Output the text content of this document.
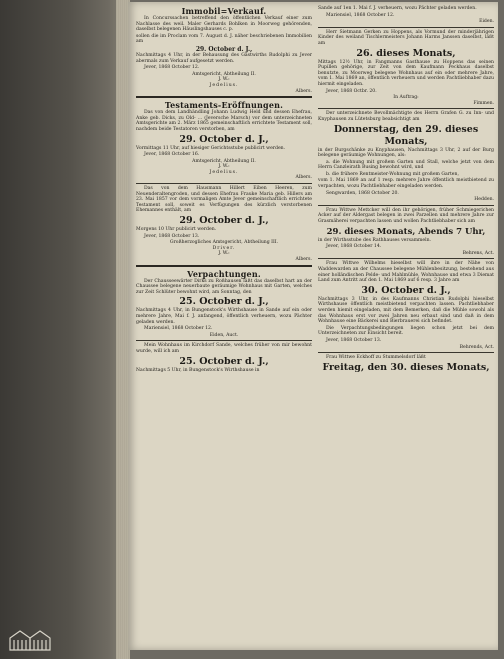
Immobil=Verkauf.

In Concurssachen betreffend den öffentlichen Verkauf einer zum Nachlasse des weil. Maler Gerhards Bohlken in Moorweg gehörenden, daselbst belegenen Häuslingshauses c. p.

sollen die im Proclam vom 7. August d. J. näher beschriebenen Immobilien am

29. October d. J.,

Nachmittags 4 Uhr, in der Behausung des Gastwirths Rudolphi zu Jever abermals zum Verkauf aufgesetzt werden.

Jever, 1868 October 12.

Amtsgericht, Abtheilung II.
J. W.:
Jedelius.
Albers.
Testaments-Eröffnungen.

Das von dem Landhändling Johann Ludwig Held und dessen Ehefrau, Anke geb. Dicks, zu Old- ... (Jeversche Marsch) vor dem unterzeichneten Amtsgerichte am 2. März 1865 gemeinschaftlich errichtete Testament soll, nachdem beide Testatoren verstorben, am

29. October d. J.,

Vormittags 11 Uhr, auf hiesiger Gerichtsstube publicirt werden.

Jever, 1868 October 16.

Amtsgericht, Abtheilung II.
J. W.:
Jedelius.
Albers.

Das von dem Hausmann Hillert Eiben Heeren, zum Neuenderaltengroden, und dessen Ehefrau Frauke Maria geb. Hillers am 23. Mai 1857 vor dem vormaligen Amte Jever gemeinschaftlich errichtete Testament soll, soweit es Verfügungen des kürzlich verstorbenen Ehemannes enthält, am

29. October d. J.,

Morgens 10 Uhr publicirt werden.

Jever, 1868 October 13.

Großherzogliches Amtsgericht, Abtheilung III.
Driver.
J. W.:
Albers.
Verpachtungen.

Der Chausseewärter Dirks zu Roßhausen läßt das daselbst hart an der Chaussee belegene neuerbaute geräumige Wohnhaus mit Garten, welches zur Zeit Schlüter bewohnt wird, am Sonntag, den

25. October d. J.,

Nachmittags 4 Uhr, in Bungenstock's Wirthshause in Sande auf ein oder mehrere Jahre, Mai f. J. anfangend, öffentlich verheuern, wozu Pächter geladen werden.

Mariensiel, 1868 October 12.

Eiden, Auct.

Mein Wohnhaus im Kirchdorf Sande, welches früher von mir bewohnt wurde, will ich am

25. October d. J.,

Nachmittags 5 Uhr, in Bungenstock's Wirthshause in

Sande auf 1en 1. Mai f. J. verheuern, wozu Pächter geladen werden.

Mariensiel, 1868 October 12.

Eiden.

Herr Sietmann Gerken zu Hoppens, als Vormund der minderjährigen Kinder des weiland Tischlermeisters Johann Harms Janssen daselbst, läßt am

26. dieses Monats,

Mittags 12½ Uhr, in Fangmanns Gasthause zu Hoppens das seinen Pupillen gehörige, zur Zeit von dem Kaufmann Peckhaus daselbst benutzte, zu Moorweg belegene Wohnhaus auf ein oder mehrere Jahre, vom 1. Mai 1869 an, öffentlich verheuern und werden Pachtliebhaber dazu hiermit eingeladen.

Jever, 1868 Octbr. 20.

In Auftrag:
Fimmen.

Der unterzeichnete Bevollmächtigte des Herrn Grafen G. zu Inn- und Knyphausen zu Lütetsburg beabsichtigt am

Donnerstag, den 29. dieses Monats,

in der Burgschänke zu Knyphausen, Nachmittags 3 Uhr, 2 auf der Burg belegene geräumige Wohnungen, als:

a. die Wohnung mit großem Garten und Stall, welche jetzt von dem Herrn Canzleirath Busing bewohnt wird, und

b. die frühere Rentmeister-Wohnung mit großem Garten,

vom 1. Mai 1869 an auf 1 resp. mehrere Jahre öffentlich meistbietend zu verpachten, wozu Pachtliebhaber eingeladen werden.

Sengwarden, 1868 October 20.

Hedden.

Frau Wittwe Mettcker will den ihr gehörigen, früher Schmiegerichen Acker auf der Aldergast belegen in zwei Parzellen und mehrere Jahre zur Grasmäherei verpachten lassen und wollen Pachtliebhaber sich am

29. dieses Monats, Abends 7 Uhr,

in der Wirthsstube des Rathhauses versammeln.

Jever, 1868 October 14.

Behrens, Act.

Frau Wittwe Wilhelms hieselbst will ihre in der Nähe von Waddewarden an der Chaussee belegene Mühlenbesitzung, bestehend aus einer holländischen Pelde- und Mahlmühle, Wohnhause und etwa 3 Diemat Land zum Antritt auf den 1. Mai 1869 auf 6 resp. 3 Jahre am

30. October d. J.,

Nachmittags 3 Uhr, in des Kaufmanns Christian Rudolphi hieselbst Wirthshause öffentlich meistbietend verpachten lassen. Pachtliebhaber werden hiemit eingeladen, mit dem Bemerken, daß die Mühle sowohl als das Wohnhaus erst vor zwei Jahren neu erbaut sind und daß in dem Wohnhause eine Bäckerei und Bierbrauerei sich befindet.

Die Verpachtungsbedingungen liegen schon jetzt bei dem Unterzeichneten zur Einsicht bereit.

Jever, 1868 October 13.

Behrends, Act.

Frau Wittwe Eckhoff zu Stummelsdorf läßt

Freitag, den 30. dieses Monats,
